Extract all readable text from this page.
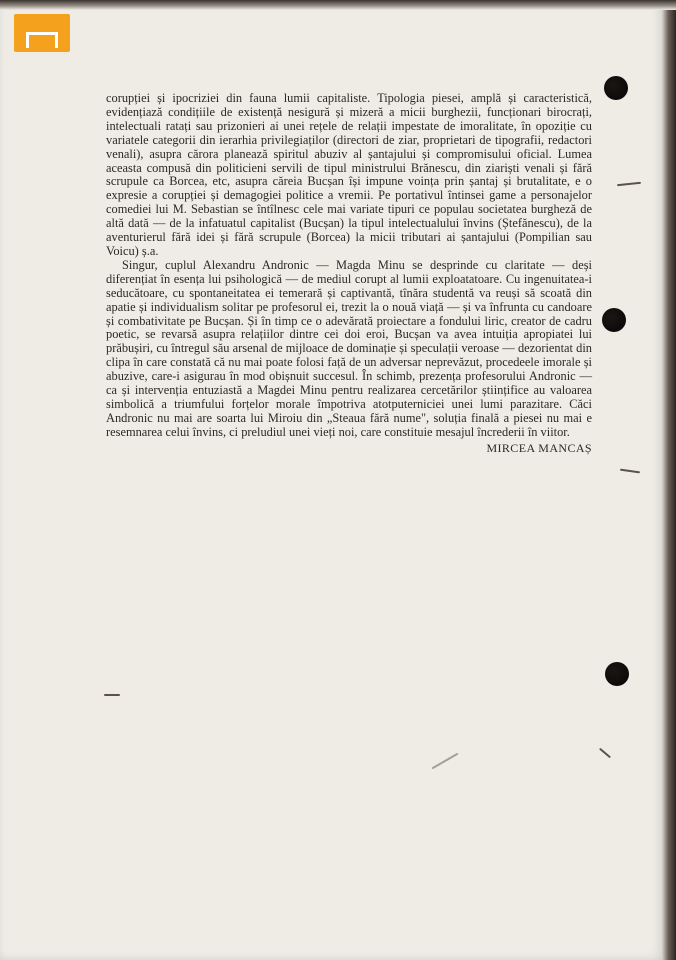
corupției și ipocriziei din fauna lumii capitaliste. Tipologia piesei, amplă și caracteristică, evidențiază condițiile de existență nesigură și mizeră a micii burghezii, funcționari birocrați, intelectuali ratați sau prizonieri ai unei rețele de relații impestate de imoralitate, în opoziție cu variatele categorii din ierarhia privilegiaților (directori de ziar, proprietari de tipografii, redactori venali), asupra cărora planează spiritul abuziv al șantajului și compromisului oficial. Lumea aceasta compusă din politicieni servili de tipul ministrului Brănescu, din ziariști venali și fără scrupule ca Borcea, etc, asupra căreia Bucșan își impune voința prin șantaj și brutalitate, e o expresie a corupției și demagogiei politice a vremii. Pe portativul întinsei game a personajelor comediei lui M. Sebastian se întîlnesc cele mai variate tipuri ce populau societatea burgheză de altă dată — de la infatuatul capitalist (Bucșan) la tipul intelectualului învins (Ștefănescu), de la aventurierul fără idei și fără scrupule (Borcea) la micii tributari ai șantajului (Pompilian sau Voicu) ș.a.

Singur, cuplul Alexandru Andronic — Magda Minu se desprinde cu claritate — deși diferențiat în esența lui psihologică — de mediul corupt al lumii exploatatoare. Cu ingenuitatea-i seducătoare, cu spontaneitatea ei temerară și captivantă, tînăra studentă va reuși să scoată din apatie și individualism solitar pe profesorul ei, trezit la o nouă viață — și va înfrunta cu candoare și combativitate pe Bucșan. Și în timp ce o adevărată proiectare a fondului liric, creator de cadru poetic, se revarsă asupra relațiilor dintre cei doi eroi, Bucșan va avea intuiția apropiatei lui prăbușiri, cu întregul său arsenal de mijloace de dominație și speculații veroase — dezorientat din clipa în care constată că nu mai poate folosi față de un adversar neprevăzut, procedeele imorale și abuzive, care-i asigurau în mod obișnuit succesul. În schimb, prezența profesorului Andronic — ca și intervenția entuziastă a Magdei Minu pentru realizarea cercetărilor științifice au valoarea simbolică a triumfului forțelor morale împotriva atotputerniciei unei lumi parazitare. Căci Andronic nu mai are soarta lui Miroiu din „Steaua fără nume", soluția finală a piesei nu mai e resemnarea celui învins, ci preludiul unei vieți noi, care constituie mesajul încrederii în viitor.

MIRCEA MANCAȘ
